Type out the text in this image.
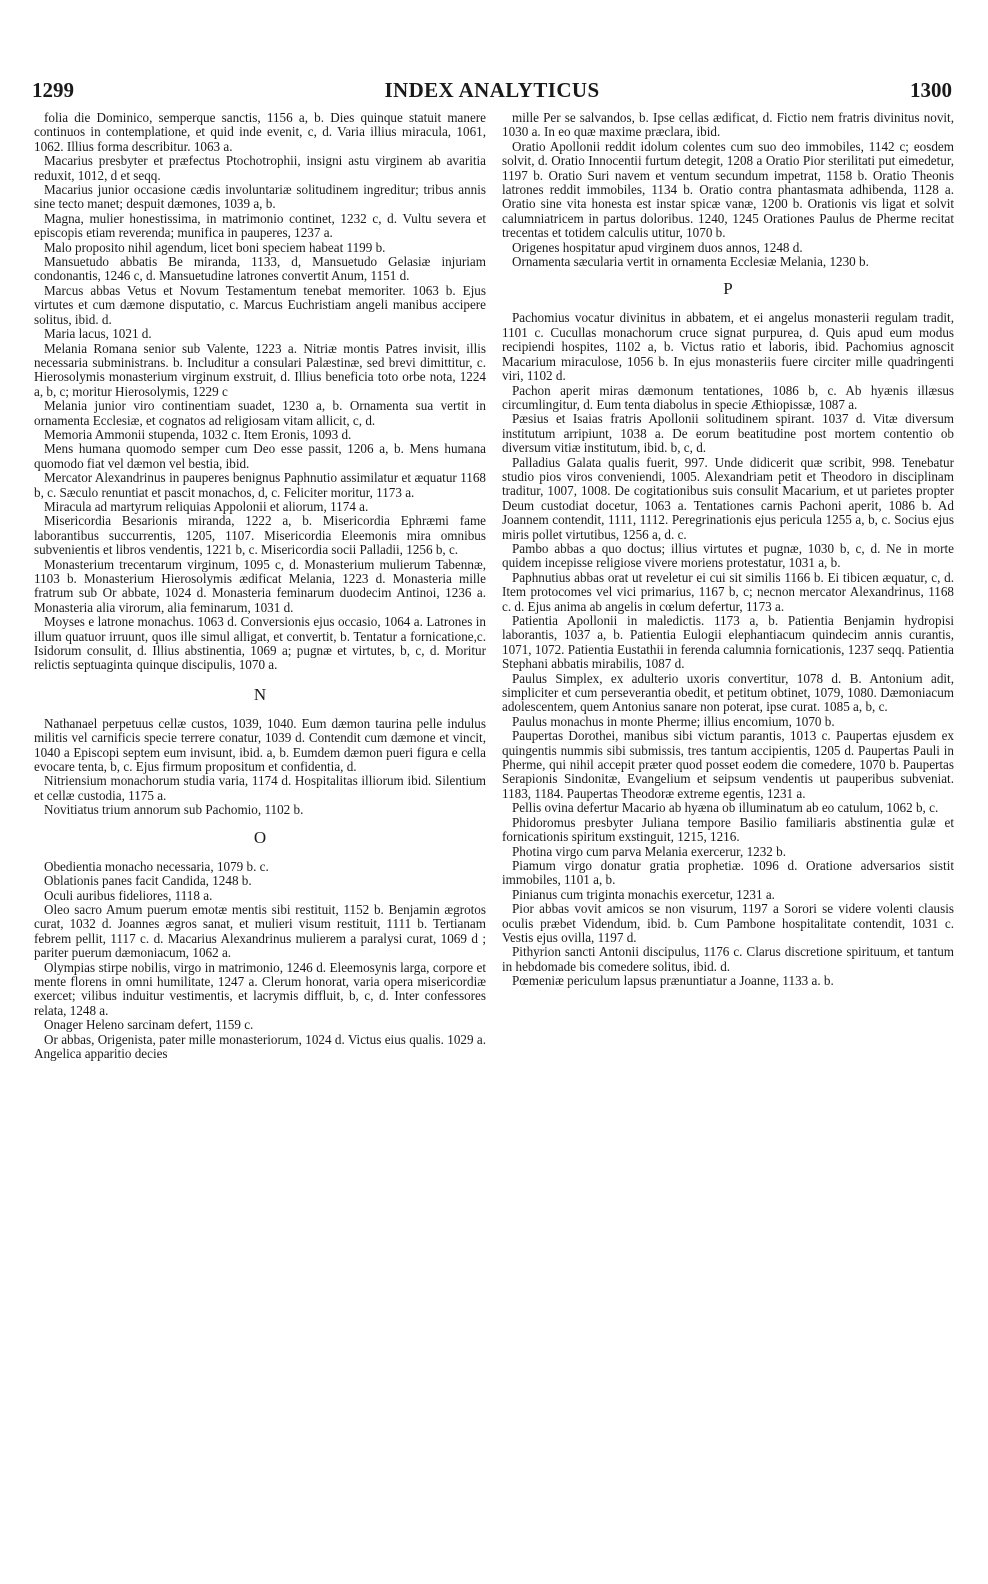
1299	INDEX ANALYTICUS	1300

folia die Dominico, semperque sanctis, 1156 a, b. Dies quinque statuit manere continuos in contemplatione, et quid inde evenit, c, d. Varia illius miracula, 1061, 1062. Illius forma describitur. 1063 a.

Macarius presbyter et præfectus Ptochotrophii, insigni astu virginem ab avaritia reduxit, 1012, d et seqq.

Macarius junior occasione cædis involuntariæ solitudinem ingreditur; tribus annis sine tecto manet; despuit dæmones, 1039 a, b.

Magna, mulier honestissima, in matrimonio continet, 1232 c, d. Vultu severa et episcopis etiam reverenda; munifica in pauperes, 1237 a.

Malo proposito nihil agendum, licet boni speciem habeat 1199 b.

Mansuetudo abbatis Be miranda, 1133, d, Mansuetudo Gelasiæ injuriam condonantis, 1246 c, d. Mansuetudine latrones convertit Anum, 1151 d.

Marcus abbas Vetus et Novum Testamentum tenebat memoriter. 1063 b. Ejus virtutes et cum dæmone disputatio, c. Marcus Euchristiam angeli manibus accipere solitus, ibid. d.

Maria lacus, 1021 d.

Melania Romana senior sub Valente, 1223 a. Nitriæ montis Patres invisit, illis necessaria subministrans. b. Includitur a consulari Palæstinæ, sed brevi dimittitur, c. Hierosolymis monasterium virginum exstruit, d. Illius beneficia toto orbe nota, 1224 a, b, c; moritur Hierosolymis, 1229 c

Melania junior viro continentiam suadet, 1230 a, b. Ornamenta sua vertit in ornamenta Ecclesiæ, et cognatos ad religiosam vitam allicit, c, d.

Memoria Ammonii stupenda, 1032 c. Item Eronis, 1093 d.

Mens humana quomodo semper cum Deo esse passit, 1206 a, b. Mens humana quomodo fiat vel dæmon vel bestia, ibid.

Mercator Alexandrinus in pauperes benignus Paphnutio assimilatur et æquatur 1168 b, c. Sæculo renuntiat et pascit monachos, d, c. Feliciter moritur, 1173 a.

Miracula ad martyrum reliquias Appolonii et aliorum, 1174 a.

Misericordia Besarionis miranda, 1222 a, b. Misericordia Ephræmi fame laborantibus succurrentis, 1205, 1107. Misericordia Eleemonis mira omnibus subvenientis et libros vendentis, 1221 b, c. Misericordia socii Palladii, 1256 b, c.

Monasterium trecentarum virginum, 1095 c, d. Monasterium mulierum Tabennæ, 1103 b. Monasterium Hierosolymis ædificat Melania, 1223 d. Monasteria mille fratrum sub Or abbate, 1024 d. Monasteria feminarum duodecim Antinoi, 1236 a. Monasteria alia virorum, alia feminarum, 1031 d.

Moyses e latrone monachus. 1063 d. Conversionis ejus occasio, 1064 a. Latrones in illum quatuor irruunt, quos ille simul alligat, et convertit, b. Tentatur a fornicatione,c. Isidorum consulit, d. Illius abstinentia, 1069 a; pugnæ et virtutes, b, c, d. Moritur relictis septuaginta quinque discipulis, 1070 a.

N

Nathanael perpetuus cellæ custos, 1039, 1040. Eum dæmon taurina pelle indulus militis vel carnificis specie terrere conatur, 1039 d. Contendit cum dæmone et vincit, 1040 a Episcopi septem eum invisunt, ibid. a, b. Eumdem dæmon pueri figura e cella evocare tenta, b, c. Ejus firmum propositum et confidentia, d.

Nitriensium monachorum studia varia, 1174 d. Hospitalitas illiorum ibid. Silentium et cellæ custodia, 1175 a.

Novitiatus trium annorum sub Pachomio, 1102 b.

O

Obedientia monacho necessaria, 1079 b. c.

Oblationis panes facit Candida, 1248 b.

Oculi auribus fideliores, 1118 a.

Oleo sacro Amum puerum emotæ mentis sibi restituit, 1152 b. Benjamin ægrotos curat, 1032 d. Joannes ægros sanat, et mulieri visum restituit, 1111 b. Tertianam febrem pellit, 1117 c. d. Macarius Alexandrinus mulierem a paralysi curat, 1069 d ; pariter puerum dæmoniacum, 1062 a.

Olympias stirpe nobilis, virgo in matrimonio, 1246 d. Eleemosynis larga, corpore et mente florens in omni humilitate, 1247 a. Clerum honorat, varia opera misericordiæ exercet; vilibus induitur vestimentis, et lacrymis diffluit, b, c, d. Inter confessores relata, 1248 a.

Onager Heleno sarcinam defert, 1159 c.

Or abbas, Origenista, pater mille monasteriorum, 1024 d. Victus eius qualis. 1029 a. Angelica apparitio decies

mille Per se salvandos, b. Ipse cellas ædificat, d. Fictio nem fratris divinitus novit, 1030 a. In eo quæ maxime præclara, ibid.

Oratio Apollonii reddit idolum colentes cum suo deo immobiles, 1142 c; eosdem solvit, d. Oratio Innocentii furtum detegit, 1208 a Oratio Pior sterilitati put eimedetur, 1197 b. Oratio Suri navem et ventum secundum impetrat, 1158 b. Oratio Theonis latrones reddit immobiles, 1134 b. Oratio contra phantasmata adhibenda, 1128 a. Oratio sine vita honesta est instar spicæ vanæ, 1200 b. Orationis vis ligat et solvit calumniatricem in partus doloribus. 1240, 1245 Orationes Paulus de Pherme recitat trecentas et totidem calculis utitur, 1070 b.

Origenes hospitatur apud virginem duos annos, 1248 d.

Ornamenta sæcularia vertit in ornamenta Ecclesiæ Melania, 1230 b.

P

Pachomius vocatur divinitus in abbatem, et ei angelus monasterii regulam tradit, 1101 c. Cucullas monachorum cruce signat purpurea, d. Quis apud eum modus recipiendi hospites, 1102 a, b. Victus ratio et laboris, ibid. Pachomius agnoscit Macarium miraculose, 1056 b. In ejus monasteriis fuere circiter mille quadringenti viri, 1102 d.

Pachon aperit miras dæmonum tentationes, 1086 b, c. Ab hyænis illæsus circumlingitur, d. Eum tenta diabolus in specie Æthiopissæ, 1087 a.

Pæsius et Isaias fratris Apollonii solitudinem spirant. 1037 d. Vitæ diversum institutum arripiunt, 1038 a. De eorum beatitudine post mortem contentio ob diversum vitiæ institutum, ibid. b, c, d.

Palladius Galata qualis fuerit, 997. Unde didicerit quæ scribit, 998. Tenebatur studio pios viros conveniendi, 1005. Alexandriam petit et Theodoro in disciplinam traditur, 1007, 1008. De cogitationibus suis consulit Macarium, et ut parietes propter Deum custodiat docetur, 1063 a. Tentationes carnis Pachoni aperit, 1086 b. Ad Joannem contendit, 1111, 1112. Peregrinationis ejus pericula 1255 a, b, c. Socius ejus miris pollet virtutibus, 1256 a, d. c.

Pambo abbas a quo doctus; illius virtutes et pugnæ, 1030 b, c, d. Ne in morte quidem incepisse religiose vivere moriens protestatur, 1031 a, b.

Paphnutius abbas orat ut reveletur ei cui sit similis 1166 b. Ei tibicen æquatur, c, d. Item protocomes vel vici primarius, 1167 b, c; necnon mercator Alexandrinus, 1168 c. d. Ejus anima ab angelis in cœlum defertur, 1173 a.

Patientia Apollonii in maledictis. 1173 a, b. Patientia Benjamin hydropisi laborantis, 1037 a, b. Patientia Eulogii elephantiacum quindecim annis curantis, 1071, 1072. Patientia Eustathii in ferenda calumnia fornicationis, 1237 seqq. Patientia Stephani abbatis mirabilis, 1087 d.

Paulus Simplex, ex adulterio uxoris convertitur, 1078 d. B. Antonium adit, simpliciter et cum perseverantia obedit, et petitum obtinet, 1079, 1080. Dæmoniacum adolescentem, quem Antonius sanare non poterat, ipse curat. 1085 a, b, c.

Paulus monachus in monte Pherme; illius encomium, 1070 b.

Paupertas Dorothei, manibus sibi victum parantis, 1013 c. Paupertas ejusdem ex quingentis nummis sibi submissis, tres tantum accipientis, 1205 d. Paupertas Pauli in Pherme, qui nihil accepit præter quod posset eodem die comedere, 1070 b. Paupertas Serapionis Sindonitæ, Evangelium et seipsum vendentis ut pauperibus subveniat. 1183, 1184. Paupertas Theodoræ extreme egentis, 1231 a.

Pellis ovina defertur Macario ab hyæna ob illuminatum ab eo catulum, 1062 b, c.

Phidoromus presbyter Juliana tempore Basilio familiaris abstinentia gulæ et fornicationis spiritum exstinguit, 1215, 1216.

Photina virgo cum parva Melania exercerur, 1232 b.

Piamum virgo donatur gratia prophetiæ. 1096 d. Oratione adversarios sistit immobiles, 1101 a, b.

Pinianus cum triginta monachis exercetur, 1231 a.

Pior abbas vovit amicos se non visurum, 1197 a Sorori se videre volenti clausis oculis præbet Videndum, ibid. b. Cum Pambone hospitalitate contendit, 1031 c. Vestis ejus ovilla, 1197 d.

Pithyrion sancti Antonii discipulus, 1176 c. Clarus discretione spirituum, et tantum in hebdomade bis comedere solitus, ibid. d.

Pœmeniæ periculum lapsus prænuntiatur a Joanne, 1133 a. b.
